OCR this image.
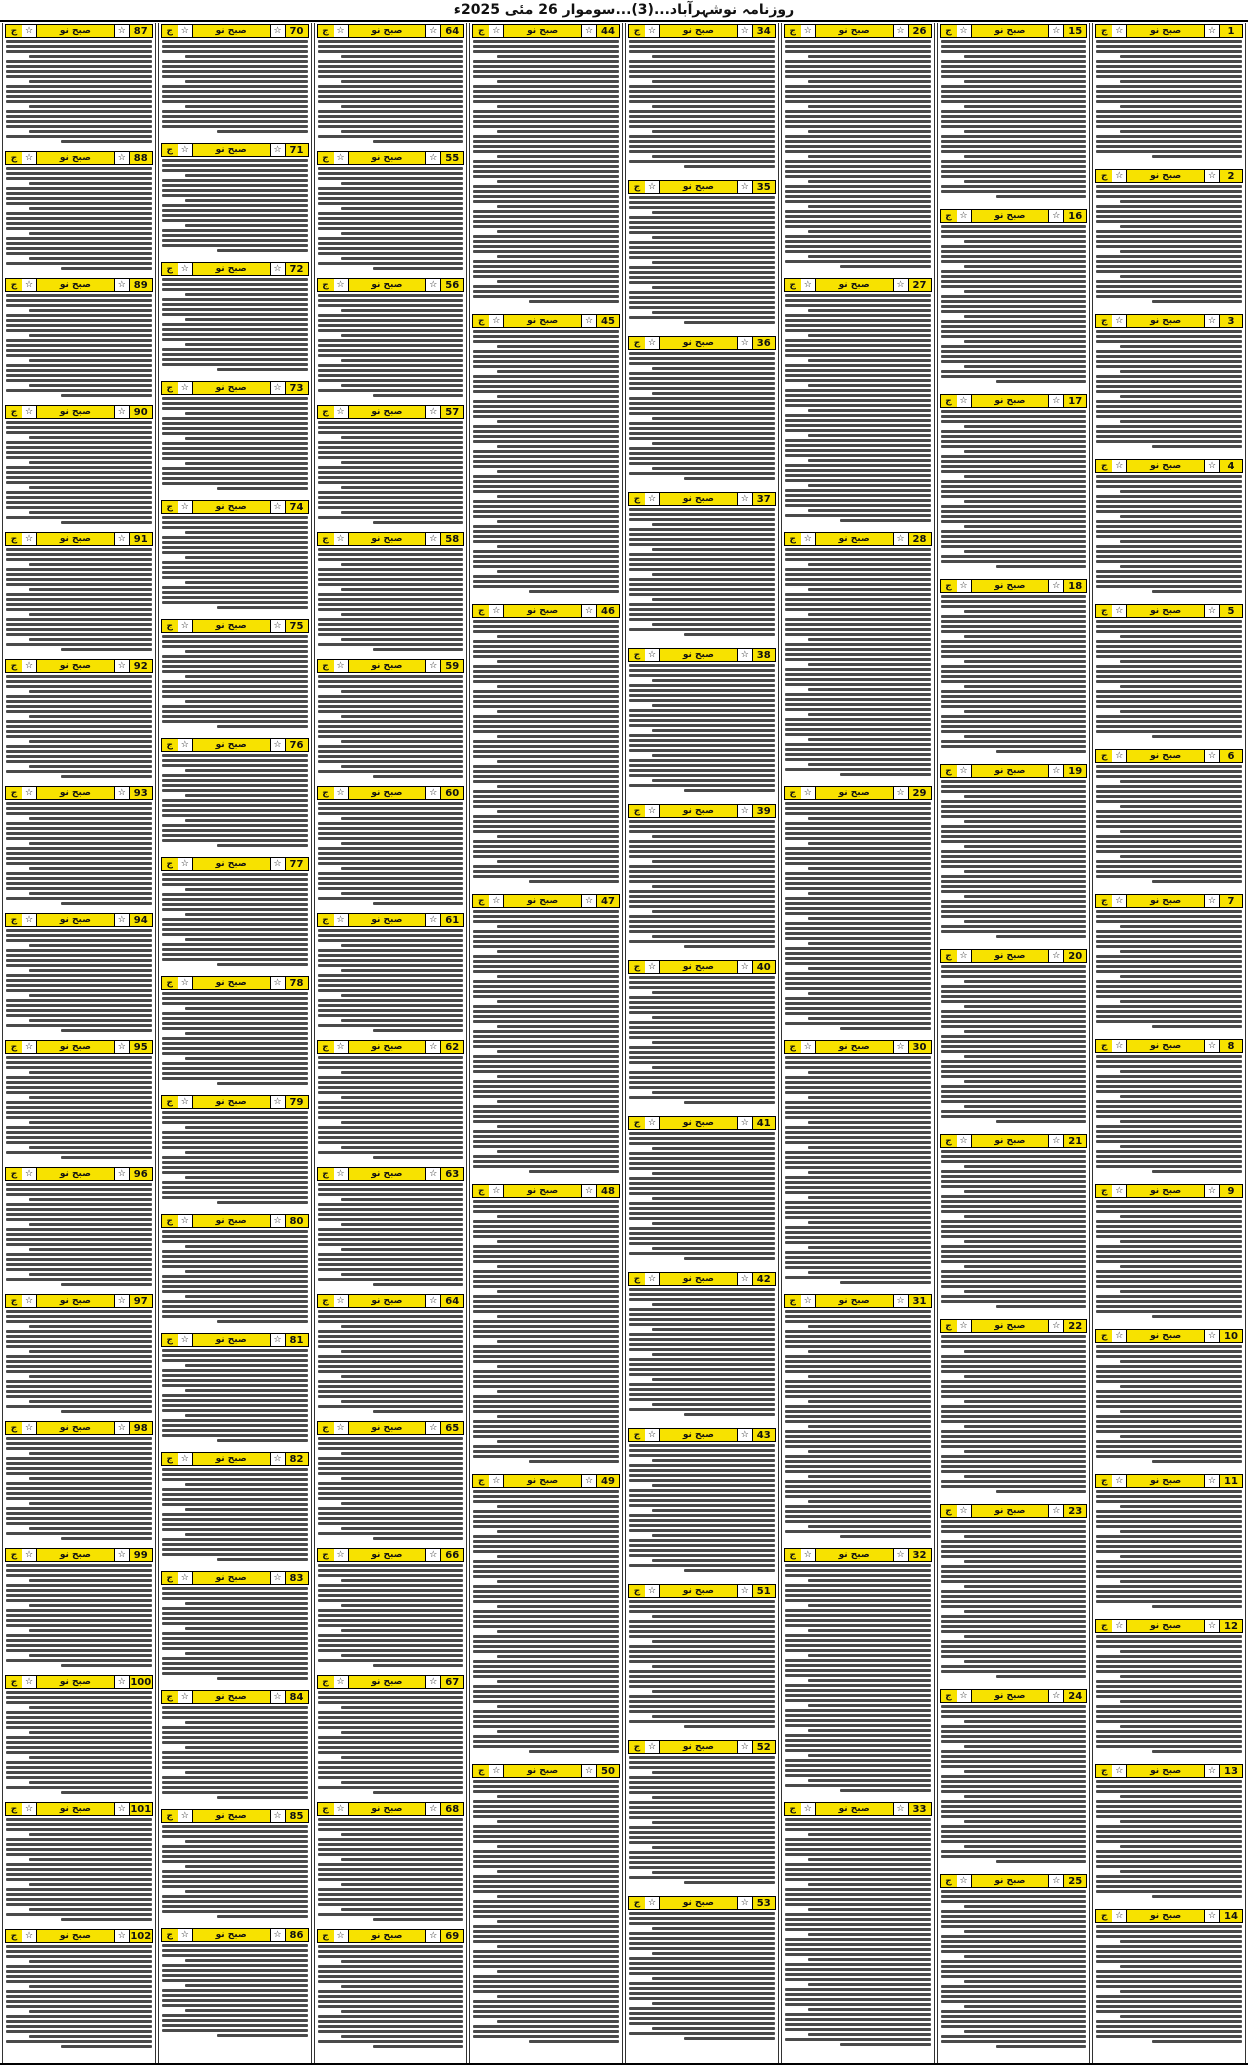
روزنامہ نوشہرآباد...(3)...سوموار 26 مئی 2025ء
1
☆
صبح نو
☆
ج
2
☆
صبح نو
☆
ج
3
☆
صبح نو
☆
ج
4
☆
صبح نو
☆
ج
5
☆
صبح نو
☆
ج
6
☆
صبح نو
☆
ج
7
☆
صبح نو
☆
ج
8
☆
صبح نو
☆
ج
9
☆
صبح نو
☆
ج
10
☆
صبح نو
☆
ج
11
☆
صبح نو
☆
ج
12
☆
صبح نو
☆
ج
13
☆
صبح نو
☆
ج
14
☆
صبح نو
☆
ج
15
☆
صبح نو
☆
ج
16
☆
صبح نو
☆
ج
17
☆
صبح نو
☆
ج
18
☆
صبح نو
☆
ج
19
☆
صبح نو
☆
ج
20
☆
صبح نو
☆
ج
21
☆
صبح نو
☆
ج
22
☆
صبح نو
☆
ج
23
☆
صبح نو
☆
ج
24
☆
صبح نو
☆
ج
25
☆
صبح نو
☆
ج
26
☆
صبح نو
☆
ج
27
☆
صبح نو
☆
ج
28
☆
صبح نو
☆
ج
29
☆
صبح نو
☆
ج
30
☆
صبح نو
☆
ج
31
☆
صبح نو
☆
ج
32
☆
صبح نو
☆
ج
33
☆
صبح نو
☆
ج
34
☆
صبح نو
☆
ج
35
☆
صبح نو
☆
ج
36
☆
صبح نو
☆
ج
37
☆
صبح نو
☆
ج
38
☆
صبح نو
☆
ج
39
☆
صبح نو
☆
ج
40
☆
صبح نو
☆
ج
41
☆
صبح نو
☆
ج
42
☆
صبح نو
☆
ج
43
☆
صبح نو
☆
ج
51
☆
صبح نو
☆
ج
52
☆
صبح نو
☆
ج
53
☆
صبح نو
☆
ج
44
☆
صبح نو
☆
ج
45
☆
صبح نو
☆
ج
46
☆
صبح نو
☆
ج
47
☆
صبح نو
☆
ج
48
☆
صبح نو
☆
ج
49
☆
صبح نو
☆
ج
50
☆
صبح نو
☆
ج
64
☆
صبح نو
☆
ج
55
☆
صبح نو
☆
ج
56
☆
صبح نو
☆
ج
57
☆
صبح نو
☆
ج
58
☆
صبح نو
☆
ج
59
☆
صبح نو
☆
ج
60
☆
صبح نو
☆
ج
61
☆
صبح نو
☆
ج
62
☆
صبح نو
☆
ج
63
☆
صبح نو
☆
ج
64
☆
صبح نو
☆
ج
65
☆
صبح نو
☆
ج
66
☆
صبح نو
☆
ج
67
☆
صبح نو
☆
ج
68
☆
صبح نو
☆
ج
69
☆
صبح نو
☆
ج
70
☆
صبح نو
☆
ج
71
☆
صبح نو
☆
ج
72
☆
صبح نو
☆
ج
73
☆
صبح نو
☆
ج
74
☆
صبح نو
☆
ج
75
☆
صبح نو
☆
ج
76
☆
صبح نو
☆
ج
77
☆
صبح نو
☆
ج
78
☆
صبح نو
☆
ج
79
☆
صبح نو
☆
ج
80
☆
صبح نو
☆
ج
81
☆
صبح نو
☆
ج
82
☆
صبح نو
☆
ج
83
☆
صبح نو
☆
ج
84
☆
صبح نو
☆
ج
85
☆
صبح نو
☆
ج
86
☆
صبح نو
☆
ج
87
☆
صبح نو
☆
ج
88
☆
صبح نو
☆
ج
89
☆
صبح نو
☆
ج
90
☆
صبح نو
☆
ج
91
☆
صبح نو
☆
ج
92
☆
صبح نو
☆
ج
93
☆
صبح نو
☆
ج
94
☆
صبح نو
☆
ج
95
☆
صبح نو
☆
ج
96
☆
صبح نو
☆
ج
97
☆
صبح نو
☆
ج
98
☆
صبح نو
☆
ج
99
☆
صبح نو
☆
ج
100
☆
صبح نو
☆
ج
101
☆
صبح نو
☆
ج
102
☆
صبح نو
☆
ج
